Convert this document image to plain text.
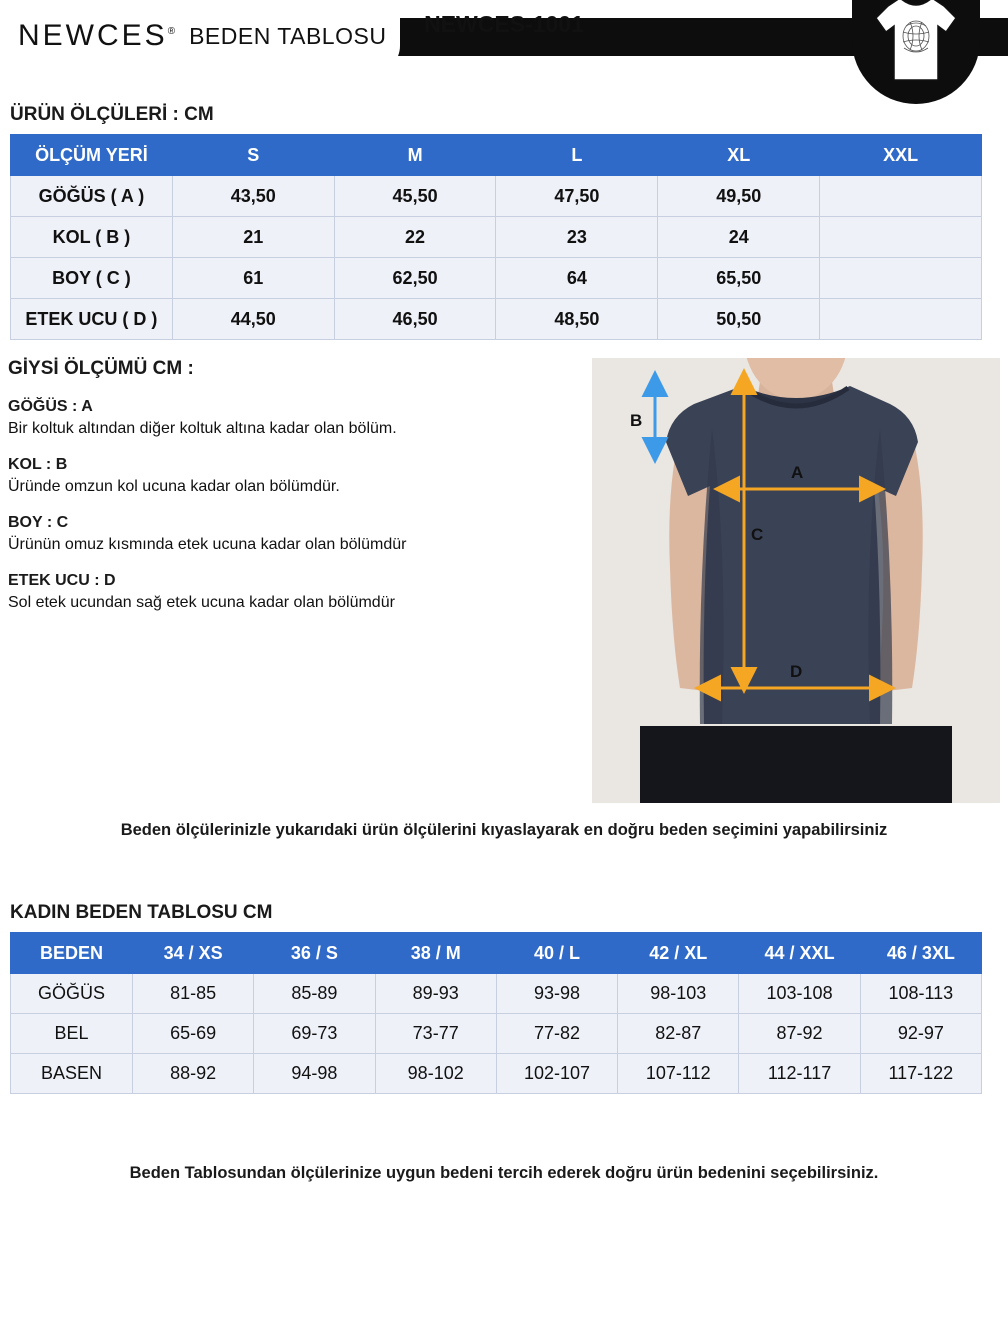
NEWCES-1001
NEWCES® BEDEN TABLOSU
ÜRÜN ÖLÇÜLERİ : CM
ÖLÇÜM YERİ	S	M	L	XL	XXL
GÖĞÜS ( A )	43,50	45,50	47,50	49,50	
KOL ( B )	21	22	23	24	
BOY ( C )	61	62,50	64	65,50	
ETEK UCU ( D )	44,50	46,50	48,50	50,50	
GİYSİ ÖLÇÜMÜ CM :

GÖĞÜS : A

Bir koltuk altından diğer koltuk altına kadar olan bölüm.

KOL : B

Üründe omzun kol ucuna kadar olan bölümdür.

BOY : C

Ürünün omuz kısmında etek ucuna kadar olan bölümdür

ETEK UCU : D

Sol etek ucundan sağ etek ucuna kadar olan bölümdür

B
A
C
D
Beden ölçülerinizle yukarıdaki ürün ölçülerini kıyaslayarak en doğru beden seçimini yapabilirsiniz
KADIN BEDEN TABLOSU CM
BEDEN	34 / XS	36 / S	38 / M	40 / L	42 / XL	44 / XXL	46 / 3XL
GÖĞÜS	81-85	85-89	89-93	93-98	98-103	103-108	108-113
BEL	65-69	69-73	73-77	77-82	82-87	87-92	92-97
BASEN	88-92	94-98	98-102	102-107	107-112	112-117	117-122
Beden Tablosundan ölçülerinize uygun bedeni tercih ederek doğru ürün bedenini seçebilirsiniz.
